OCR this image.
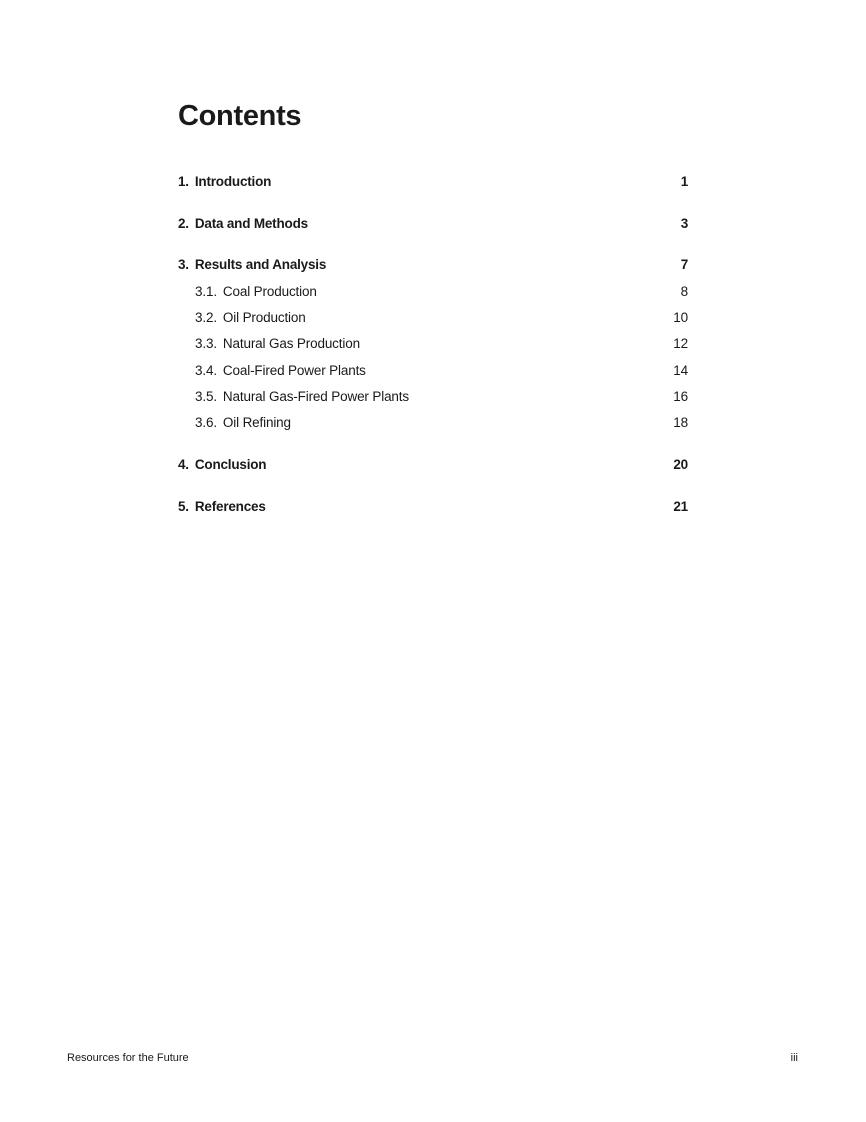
Contents
1. Introduction	1
2. Data and Methods	3
3. Results and Analysis	7
3.1. Coal Production	8
3.2. Oil Production	10
3.3. Natural Gas Production	12
3.4. Coal-Fired Power Plants	14
3.5. Natural Gas-Fired Power Plants	16
3.6. Oil Refining	18
4. Conclusion	20
5. References	21
Resources for the Future	iii
